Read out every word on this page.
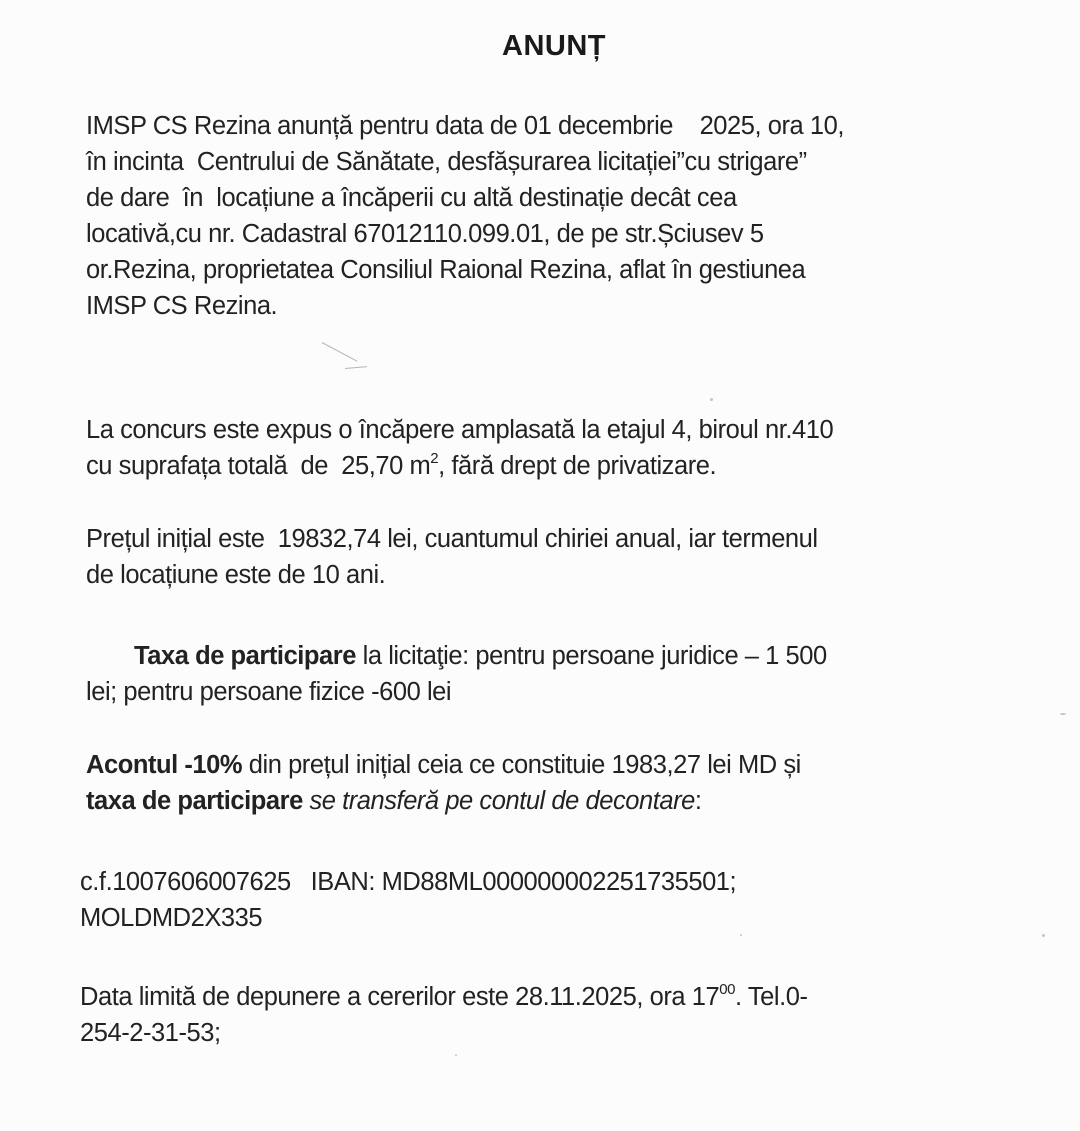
ANUNȚ
IMSP CS Rezina anunță pentru data de 01 decembrie    2025, ora 10,
în incinta  Centrului de Sănătate, desfășurarea licitației”cu strigare”
de dare  în  locațiune a încăperii cu altă destinație decât cea
locativă,cu nr. Cadastral 67012110.099.01, de pe str.Șciusev 5
or.Rezina, proprietatea Consiliul Raional Rezina, aflat în gestiunea
IMSP CS Rezina.
La concurs este expus o încăpere amplasată la etajul 4, biroul nr.410
cu suprafața totală  de  25,70 $m^2$, fără drept de privatizare.
Prețul inițial este  19832,74 lei, cuantumul chiriei anual, iar termenul
de locațiune este de 10 ani.
Taxa de participare la licitaţie: pentru persoane juridice – 1 500
lei; pentru persoane fizice -600 lei
Acontul -10% din prețul inițial ceia ce constituie 1983,27 lei MD și
taxa de participare se transferă pe contul de decontare:
c.f.1007606007625   IBAN: MD88ML000000002251735501;
MOLDMD2X335
Data limită de depunere a cererilor este 28.11.2025, ora $17^{00}$. Tel.0-
254-2-31-53;
